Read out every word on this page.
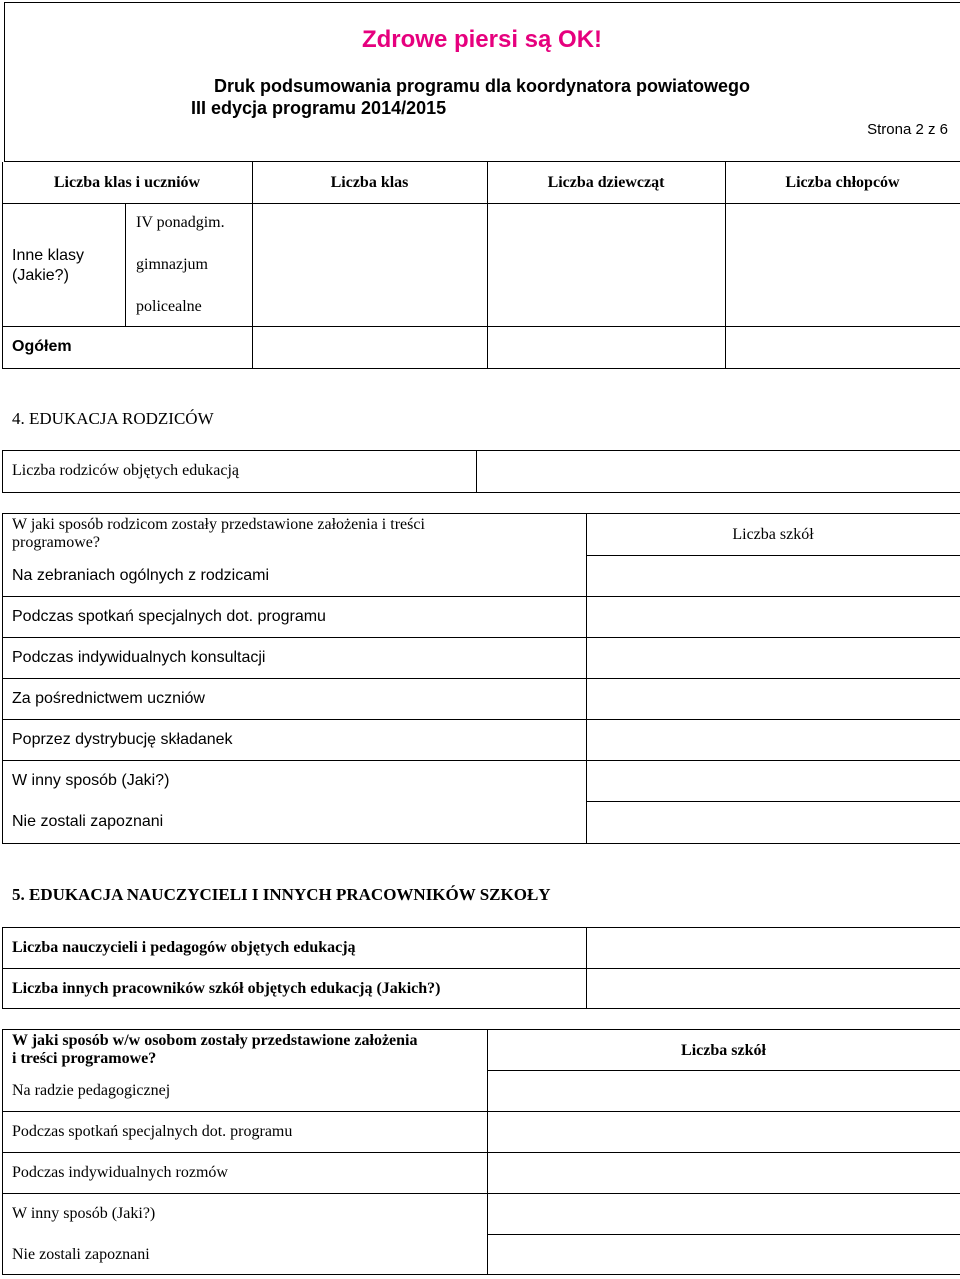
Zdrowe piersi są OK!
Druk podsumowania programu dla koordynatora powiatowego
III edycja programu 2014/2015
Strona 2 z 6
Liczba klas i uczniów	Liczba klas	Liczba dziewcząt	Liczba chłopców
Inne klasy (Jakie?)
IV ponadgim.
gimnazjum
policealne
Ogółem
4. EDUKACJA RODZICÓW
Liczba rodziców objętych edukacją
W jaki sposób rodzicom zostały przedstawione założenia i treści
programowe?	Liczba szkół
Na zebraniach ogólnych z rodzicami
Podczas spotkań specjalnych dot. programu
Podczas indywidualnych konsultacji
Za pośrednictwem uczniów
Poprzez dystrybucję składanek
W inny sposób (Jaki?)
Nie zostali zapoznani
5. EDUKACJA NAUCZYCIELI I INNYCH PRACOWNIKÓW SZKOŁY
Liczba nauczycieli i pedagogów objętych edukacją
Liczba innych pracowników szkół objętych edukacją (Jakich?)
W jaki sposób w/w osobom zostały przedstawione założenia
i treści programowe?	Liczba szkół
Na radzie pedagogicznej
Podczas spotkań specjalnych dot. programu
Podczas indywidualnych rozmów
W inny sposób (Jaki?)
Nie zostali zapoznani
